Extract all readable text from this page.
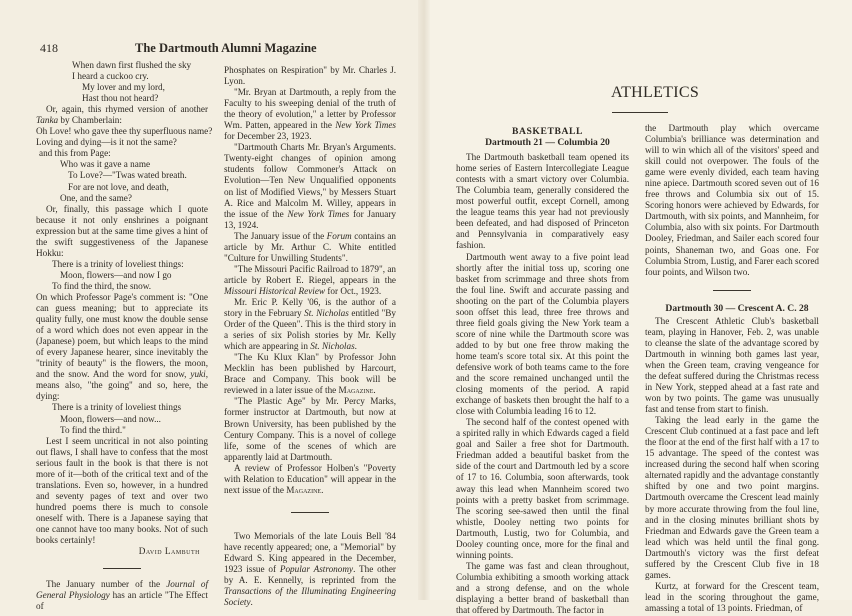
418	The Dartmouth Alumni Magazine
When dawn first flushed the sky
I heard a cuckoo cry.
My lover and my lord,
Hast thou not heard?

Or, again, this rhymed version of another Tanka by Chamberlain:

Oh Love! who gave thee thy superfluous name?
Loving and dying—is it not the same?
and this from Page:
Who was it gave a name
To Love?—"Twas wated breath.
For are not love, and death,
One, and the same?

Or, finally, this passage which I quote because it not only enshrines a poignant expression but at the same time gives a hint of the swift suggestiveness of the Japanese Hokku:

There is a trinity of loveliest things:
Moon, flowers—and now I go
To find the third, the snow.

On which Professor Page's comment is: "One can guess meaning; but to appreciate its quality fully, one must know the double sense of a word which does not even appear in the (Japanese) poem, but which leaps to the mind of every Japanese hearer, since inevitably the "trinity of beauty" is the flowers, the moon, and the snow. And the word for snow, yuki, means also, "the going" and so, here, the dying:

There is a trinity of loveliest things
Moon, flowers—and now...
To find the third."

Lest I seem uncritical in not also pointing out flaws, I shall have to confess that the most serious fault in the book is that there is not more of it—both of the critical text and of the translations. Even so, however, in a hundred and seventy pages of text and over two hundred poems there is much to console oneself with. There is a Japanese saying that one cannot have too many books. Not of such books certainly!

David Lambuth

The January number of the Journal of General Physiology has an article "The Effect of

Phosphates on Respiration" by Mr. Charles J. Lyon.

"Mr. Bryan at Dartmouth, a reply from the Faculty to his sweeping denial of the truth of the theory of evolution," a letter by Professor Wm. Patten, appeared in the New York Times for December 23, 1923.

"Dartmouth Charts Mr. Bryan's Arguments. Twenty-eight changes of opinion among students follow Commoner's Attack on Evolution—Ten New Unqualified opponents on list of Modified Views," by Messers Stuart A. Rice and Malcolm M. Willey, appears in the issue of the New York Times for January 13, 1924.

The January issue of the Forum contains an article by Mr. Arthur C. White entitled "Culture for Unwilling Students".

"The Missouri Pacific Railroad to 1879", an article by Robert E. Riegel, appears in the Missouri Historical Review for Oct., 1923.

Mr. Eric P. Kelly '06, is the author of a story in the February St. Nicholas entitled "By Order of the Queen". This is the third story in a series of six Polish stories by Mr. Kelly which are appearing in St. Nicholas.

"The Ku Klux Klan" by Professor John Mecklin has been published by Harcourt, Brace and Company. This book will be reviewed in a later issue of the Magazine.

"The Plastic Age" by Mr. Percy Marks, former instructor at Dartmouth, but now at Brown University, has been published by the Century Company. This is a novel of college life, some of the scenes of which are apparently laid at Dartmouth.

A review of Professor Holben's "Poverty with Relation to Education" will appear in the next issue of the Magazine.

Two Memorials of the late Louis Bell '84 have recently appeared; one, a "Memorial" by Edward S. King appeared in the December, 1923 issue of Popular Astronomy. The other by A. E. Kennelly, is reprinted from the Transactions of the Illuminating Engineering Society.

ATHLETICS

BASKETBALL

Dartmouth 21 — Columbia 20

The Dartmouth basketball team opened its home series of Eastern Intercollegiate League contests with a smart victory over Columbia. The Columbia team, generally considered the most powerful outfit, except Cornell, among the league teams this year had not previously been defeated, and had disposed of Princeton and Pennsylvania in comparatively easy fashion.

Dartmouth went away to a five point lead shortly after the initial toss up, scoring one basket from scrimmage and three shots from the foul line. Swift and accurate passing and shooting on the part of the Columbia players soon offset this lead, three free throws and three field goals giving the New York team a score of nine while the Dartmouth score was added to by but one free throw making the home team's score total six. At this point the defensive work of both teams came to the fore and the score remained unchanged until the closing moments of the period. A rapid exchange of baskets then brought the half to a close with Columbia leading 16 to 12.

The second half of the contest opened with a spirited rally in which Edwards caged a field goal and Sailer a free shot for Dartmouth. Friedman added a beautiful basket from the side of the court and Dartmouth led by a score of 17 to 16. Columbia, soon afterwards, took away this lead when Mannheim scored two points with a pretty basket from scrimmage. The scoring see-sawed then until the final whistle, Dooley netting two points for Dartmouth, Lustig, two for Columbia, and Dooley counting once, more for the final and winning points.

The game was fast and clean throughout, Columbia exhibiting a smooth working attack and a strong defense, and on the whole displaying a better brand of basketball than that offered by Dartmouth. The factor in

the Dartmouth play which overcame Columbia's brilliance was determination and will to win which all of the visitors' speed and skill could not overpower. The fouls of the game were evenly divided, each team having nine apiece. Dartmouth scored seven out of 16 free throws and Columbia six out of 15. Scoring honors were achieved by Edwards, for Dartmouth, with six points, and Mannheim, for Columbia, also with six points. For Dartmouth Dooley, Friedman, and Sailer each scored four points, Shaneman two, and Goas one. For Columbia Strom, Lustig, and Farer each scored four points, and Wilson two.

Dartmouth 30 — Crescent A. C. 28

The Crescent Athletic Club's basketball team, playing in Hanover, Feb. 2, was unable to cleanse the slate of the advantage scored by Dartmouth in winning both games last year, when the Green team, craving vengeance for the defeat suffered during the Christmas recess in New York, stepped ahead at a fast rate and won by two points. The game was unusually fast and tense from start to finish.

Taking the lead early in the game the Crescent Club continued at a fast pace and left the floor at the end of the first half with a 17 to 15 advantage. The speed of the contest was increased during the second half when scoring alternated rapidly and the advantage constantly shifted by one and two point margins. Dartmouth overcame the Crescent lead mainly by more accurate throwing from the foul line, and in the closing minutes brilliant shots by Friedman and Edwards gave the Green team a lead which was held until the final gong. Dartmouth's victory was the first defeat suffered by the Crescent Club five in 18 games.

Kurtz, at forward for the Crescent team, lead in the scoring throughout the game, amassing a total of 13 points. Friedman, of
